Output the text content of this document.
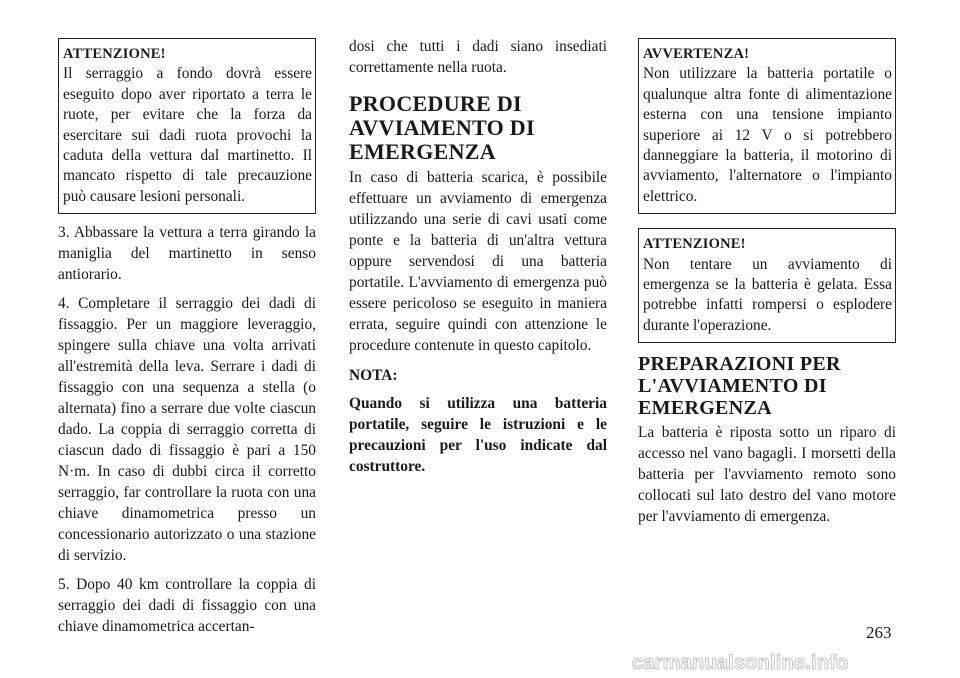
ATTENZIONE!
Il serraggio a fondo dovrà essere eseguito dopo aver riportato a terra le ruote, per evitare che la forza da esercitare sui dadi ruota provochi la caduta della vettura dal martinetto. Il mancato rispetto di tale precauzione può causare lesioni personali.

3. Abbassare la vettura a terra girando la maniglia del martinetto in senso antiorario.

4. Completare il serraggio dei dadi di fissaggio. Per un maggiore leveraggio, spingere sulla chiave una volta arrivati all'estremità della leva. Serrare i dadi di fissaggio con una sequenza a stella (o alternata) fino a serrare due volte ciascun dado. La coppia di serraggio corretta di ciascun dado di fissaggio è pari a 150 N·m. In caso di dubbi circa il corretto serraggio, far controllare la ruota con una chiave dinamometrica presso un concessionario autorizzato o una stazione di servizio.

5. Dopo 40 km controllare la coppia di serraggio dei dadi di fissaggio con una chiave dinamometrica accertan-

dosi che tutti i dadi siano insediati correttamente nella ruota.

PROCEDURE DI AVVIAMENTO DI EMERGENZA

In caso di batteria scarica, è possibile effettuare un avviamento di emergenza utilizzando una serie di cavi usati come ponte e la batteria di un'altra vettura oppure servendosi di una batteria portatile. L'avviamento di emergenza può essere pericoloso se eseguito in maniera errata, seguire quindi con attenzione le procedure contenute in questo capitolo.

NOTA:

Quando si utilizza una batteria portatile, seguire le istruzioni e le precauzioni per l'uso indicate dal costruttore.

AVVERTENZA!
Non utilizzare la batteria portatile o qualunque altra fonte di alimentazione esterna con una tensione impianto superiore ai 12 V o si potrebbero danneggiare la batteria, il motorino di avviamento, l'alternatore o l'impianto elettrico.
ATTENZIONE!
Non tentare un avviamento di emergenza se la batteria è gelata. Essa potrebbe infatti rompersi o esplodere durante l'operazione.
PREPARAZIONI PER L'AVVIAMENTO DI EMERGENZA

La batteria è riposta sotto un riparo di accesso nel vano bagagli. I morsetti della batteria per l'avviamento remoto sono collocati sul lato destro del vano motore per l'avviamento di emergenza.

263
carmanualsonline.info
